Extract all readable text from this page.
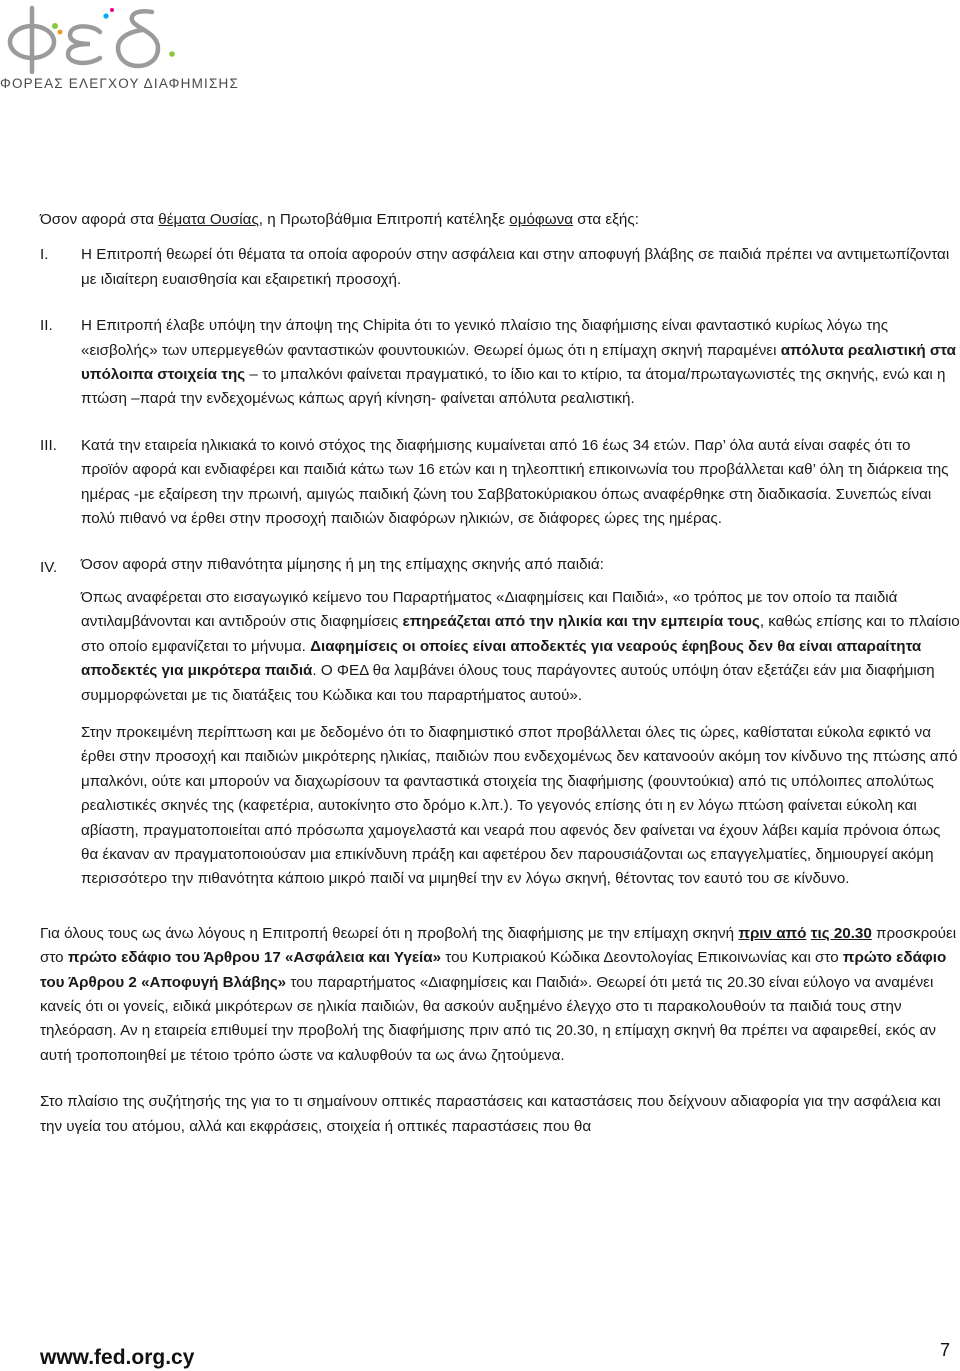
ΦΟΡΕΑΣ ΕΛΕΓΧΟΥ ΔΙΑΦΗΜΙΣΗΣ

Όσον αφορά στα θέματα Ουσίας, η Πρωτοβάθμια Επιτροπή κατέληξε ομόφωνα στα εξής:

I. Η Επιτροπή θεωρεί ότι θέματα τα οποία αφορούν στην ασφάλεια και στην αποφυγή βλάβης σε παιδιά πρέπει να αντιμετωπίζονται με ιδιαίτερη ευαισθησία και εξαιρετική προσοχή.

II. Η Επιτροπή έλαβε υπόψη την άποψη της Chipita ότι το γενικό πλαίσιο της διαφήμισης είναι φανταστικό κυρίως λόγω της «εισβολής» των υπερμεγεθών φανταστικών φουντουκιών. Θεωρεί όμως ότι η επίμαχη σκηνή παραμένει απόλυτα ρεαλιστική στα υπόλοιπα στοιχεία της – το μπαλκόνι φαίνεται πραγματικό, το ίδιο και το κτίριο, τα άτομα/πρωταγωνιστές της σκηνής, ενώ και η πτώση –παρά την ενδεχομένως κάπως αργή κίνηση- φαίνεται απόλυτα ρεαλιστική.

III. Κατά την εταιρεία ηλικιακά το κοινό στόχος της διαφήμισης κυμαίνεται από 16 έως 34 ετών. Παρ’ όλα αυτά είναι σαφές ότι το προϊόν αφορά και ενδιαφέρει και παιδιά κάτω των 16 ετών και η τηλεοπτική επικοινωνία του προβάλλεται καθ’ όλη τη διάρκεια της ημέρας -με εξαίρεση την πρωινή, αμιγώς παιδική ζώνη του Σαββατοκύριακου όπως αναφέρθηκε στη διαδικασία. Συνεπώς είναι πολύ πιθανό να έρθει στην προσοχή παιδιών διαφόρων ηλικιών, σε διάφορες ώρες της ημέρας.

IV. Όσον αφορά στην πιθανότητα μίμησης ή μη της επίμαχης σκηνής από παιδιά:

Όπως αναφέρεται στο εισαγωγικό κείμενο του Παραρτήματος «Διαφημίσεις και Παιδιά», «ο τρόπος με τον οποίο τα παιδιά αντιλαμβάνονται και αντιδρούν στις διαφημίσεις επηρεάζεται από την ηλικία και την εμπειρία τους, καθώς επίσης και το πλαίσιο στο οποίο εμφανίζεται το μήνυμα. Διαφημίσεις οι οποίες είναι αποδεκτές για νεαρούς έφηβους δεν θα είναι απαραίτητα αποδεκτές για μικρότερα παιδιά. Ο ΦΕΔ θα λαμβάνει όλους τους παράγοντες αυτούς υπόψη όταν εξετάζει εάν μια διαφήμιση συμμορφώνεται με τις διατάξεις του Κώδικα και του παραρτήματος αυτού».

Στην προκειμένη περίπτωση και με δεδομένο ότι το διαφημιστικό σποτ προβάλλεται όλες τις ώρες, καθίσταται εύκολα εφικτό να έρθει στην προσοχή και παιδιών μικρότερης ηλικίας, παιδιών που ενδεχομένως δεν κατανοούν ακόμη τον κίνδυνο της πτώσης από μπαλκόνι, ούτε και μπορούν να διαχωρίσουν τα φανταστικά στοιχεία της διαφήμισης (φουντούκια) από τις υπόλοιπες απολύτως ρεαλιστικές σκηνές της (καφετέρια, αυτοκίνητο στο δρόμο κ.λπ.). Το γεγονός επίσης ότι η εν λόγω πτώση φαίνεται εύκολη και αβίαστη, πραγματοποιείται από πρόσωπα χαμογελαστά και νεαρά που αφενός δεν φαίνεται να έχουν λάβει καμία πρόνοια όπως θα έκαναν αν πραγματοποιούσαν μια επικίνδυνη πράξη και αφετέρου δεν παρουσιάζονται ως επαγγελματίες, δημιουργεί ακόμη περισσότερο την πιθανότητα κάποιο μικρό παιδί να μιμηθεί την εν λόγω σκηνή, θέτοντας τον εαυτό του σε κίνδυνο.

Για όλους τους ως άνω λόγους η Επιτροπή θεωρεί ότι η προβολή της διαφήμισης με την επίμαχη σκηνή πριν από τις 20.30 προσκρούει στο πρώτο εδάφιο του Άρθρου 17 «Ασφάλεια και Υγεία» του Κυπριακού Κώδικα Δεοντολογίας Επικοινωνίας και στο πρώτο εδάφιο του Άρθρου 2 «Αποφυγή Βλάβης» του παραρτήματος «Διαφημίσεις και Παιδιά». Θεωρεί ότι μετά τις 20.30 είναι εύλογο να αναμένει κανείς ότι οι γονείς, ειδικά μικρότερων σε ηλικία παιδιών, θα ασκούν αυξημένο έλεγχο στο τι παρακολουθούν τα παιδιά τους στην τηλεόραση. Αν η εταιρεία επιθυμεί την προβολή της διαφήμισης πριν από τις 20.30, η επίμαχη σκηνή θα πρέπει να αφαιρεθεί, εκός αν αυτή τροποποιηθεί με τέτοιο τρόπο ώστε να καλυφθούν τα ως άνω ζητούμενα.

Στο πλαίσιο της συζήτησής της για το τι σημαίνουν οπτικές παραστάσεις και καταστάσεις που δείχνουν αδιαφορία για την ασφάλεια και την υγεία του ατόμου, αλλά και εκφράσεις, στοιχεία ή οπτικές παραστάσεις που θα

www.fed.org.cy	7
